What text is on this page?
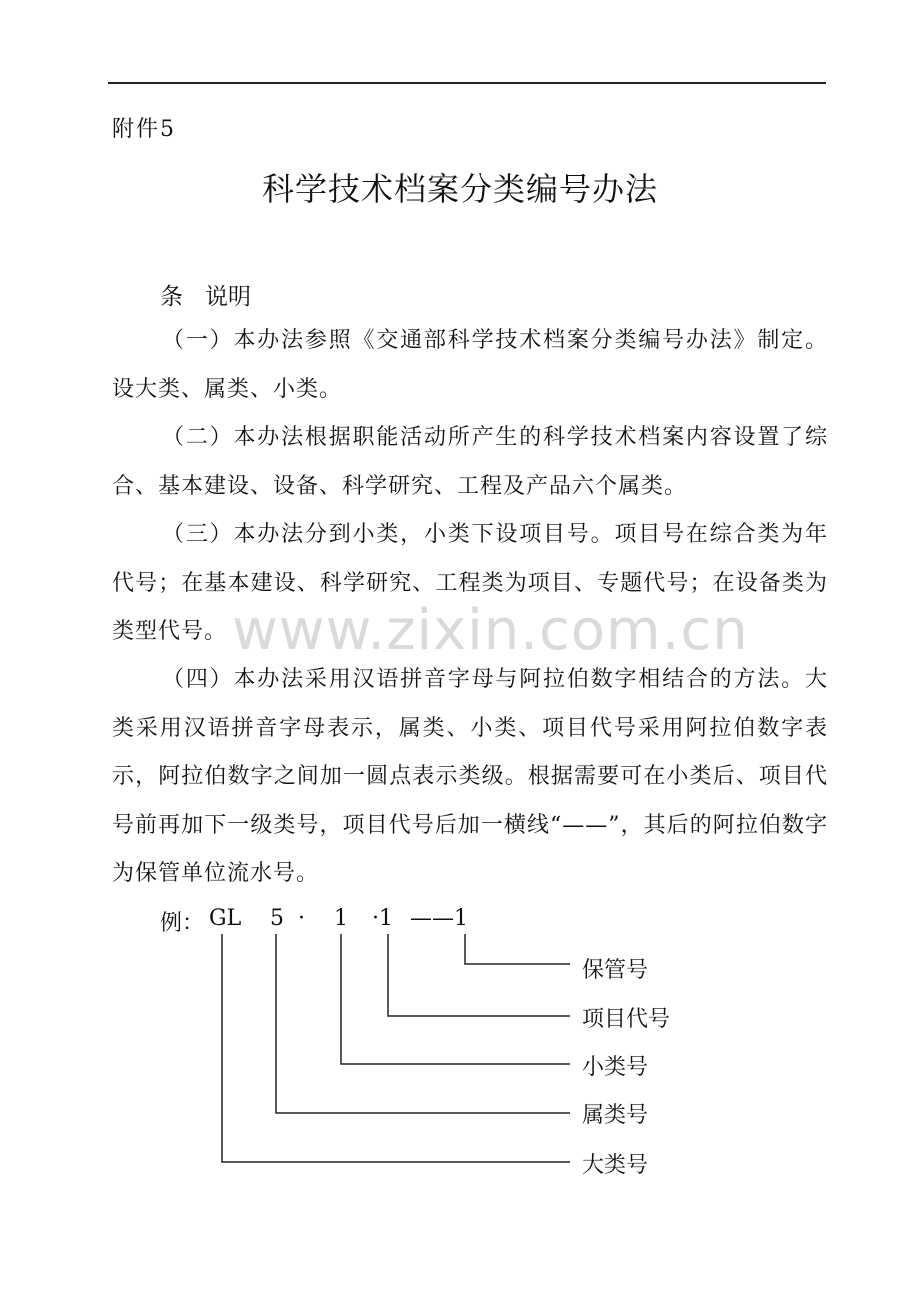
附件5
科学技术档案分类编号办法
条 说明
（一）本办法参照《交通部科学技术档案分类编号办法》制定。设大类、属类、小类。
（二）本办法根据职能活动所产生的科学技术档案内容设置了综合、基本建设、设备、科学研究、工程及产品六个属类。
（三）本办法分到小类，小类下设项目号。项目号在综合类为年代号；在基本建设、科学研究、工程类为项目、专题代号；在设备类为类型代号。
（四）本办法采用汉语拼音字母与阿拉伯数字相结合的方法。大类采用汉语拼音字母表示，属类、小类、项目代号采用阿拉伯数字表示，阿拉伯数字之间加一圆点表示类级。根据需要可在小类后、项目代号前再加下一级类号，项目代号后加一横线“——”，其后的阿拉伯数字为保管单位流水号。
www.zixin.com.cn
例： GL 5 · 1 ·1 ——1
保管号
项目代号
小类号
属类号
大类号
